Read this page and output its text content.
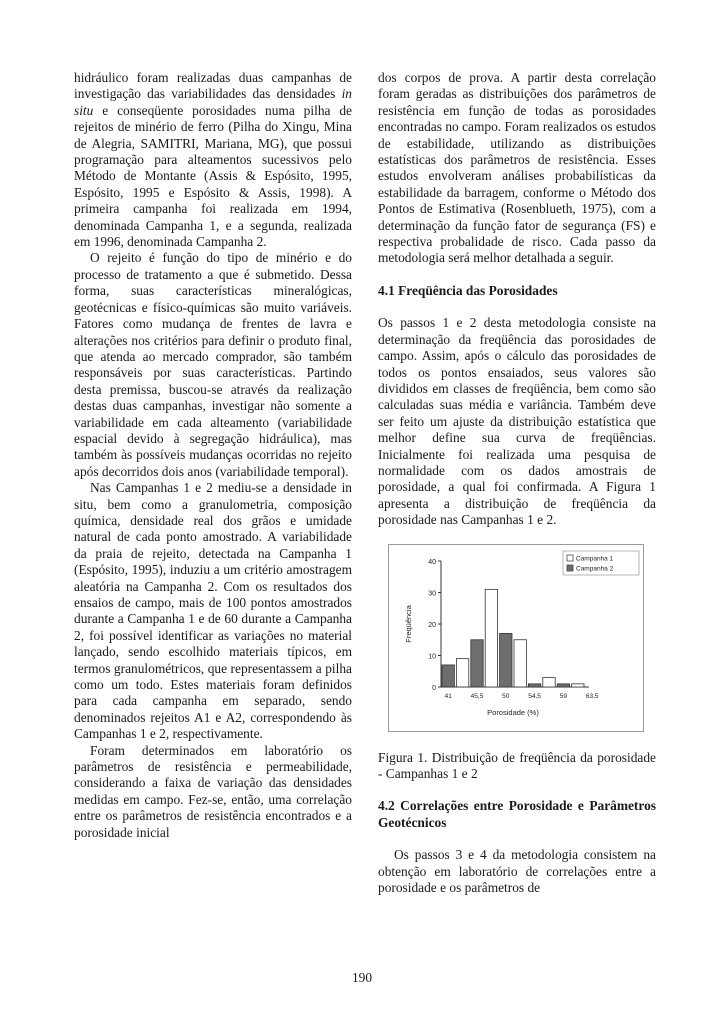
hidráulico foram realizadas duas campanhas de investigação das variabilidades das densidades in situ e conseqüente porosidades numa pilha de rejeitos de minério de ferro (Pilha do Xingu, Mina de Alegria, SAMITRI, Mariana, MG), que possui programação para alteamentos sucessivos pelo Método de Montante (Assis & Espósito, 1995, Espósito, 1995 e Espósito & Assis, 1998). A primeira campanha foi realizada em 1994, denominada Campanha 1, e a segunda, realizada em 1996, denominada Campanha 2.

O rejeito é função do tipo de minério e do processo de tratamento a que é submetido. Dessa forma, suas características mineralógicas, geotécnicas e físico-químicas são muito variáveis. Fatores como mudança de frentes de lavra e alterações nos critérios para definir o produto final, que atenda ao mercado comprador, são também responsáveis por suas características. Partindo desta premissa, buscou-se através da realização destas duas campanhas, investigar não somente a variabilidade em cada alteamento (variabilidade espacial devido à segregação hidráulica), mas também às possíveis mudanças ocorridas no rejeito após decorridos dois anos (variabilidade temporal).

Nas Campanhas 1 e 2 mediu-se a densidade in situ, bem como a granulometria, composição química, densidade real dos grãos e umidade natural de cada ponto amostrado. A variabilidade da praia de rejeito, detectada na Campanha 1 (Espósito, 1995), induziu a um critério amostragem aleatória na Campanha 2. Com os resultados dos ensaios de campo, mais de 100 pontos amostrados durante a Campanha 1 e de 60 durante a Campanha 2, foi possível identificar as variações no material lançado, sendo escolhido materiais típicos, em termos granulométricos, que representassem a pilha como um todo. Estes materiais foram definidos para cada campanha em separado, sendo denominados rejeitos A1 e A2, correspondendo às Campanhas 1 e 2, respectivamente.

Foram determinados em laboratório os parâmetros de resistência e permeabilidade, considerando a faixa de variação das densidades medidas em campo. Fez-se, então, uma correlação entre os parâmetros de resistência encontrados e a porosidade inicial

dos corpos de prova. A partir desta correlação foram geradas as distribuições dos parâmetros de resistência em função de todas as porosidades encontradas no campo. Foram realizados os estudos de estabilidade, utilizando as distribuições estatísticas dos parâmetros de resistência. Esses estudos envolveram análises probabilísticas da estabilidade da barragem, conforme o Método dos Pontos de Estimativa (Rosenblueth, 1975), com a determinação da função fator de segurança (FS) e respectiva probalidade de risco. Cada passo da metodologia será melhor detalhada a seguir.

4.1 Freqüência das Porosidades

Os passos 1 e 2 desta metodologia consiste na determinação da freqüência das porosidades de campo. Assim, após o cálculo das porosidades de todos os pontos ensaiados, seus valores são divididos em classes de freqüência, bem como são calculadas suas média e variância. Também deve ser feito um ajuste da distribuição estatística que melhor define sua curva de freqüências. Inicialmente foi realizada uma pesquisa de normalidade com os dados amostrais de porosidade, a qual foi confirmada. A Figura 1 apresenta a distribuição de freqüência da porosidade nas Campanhas 1 e 2.

0
10
20
30
40
41	45,5	50	54,5	59	63,5
Porosidade (%)
Freqüência
Campanha 1
Campanha 2

Figura 1. Distribuição de freqüência da porosidade - Campanhas 1 e 2

4.2 Correlações entre Porosidade e Parâmetros Geotécnicos

Os passos 3 e 4 da metodologia consistem na obtenção em laboratório de correlações entre a porosidade e os parâmetros de

190
